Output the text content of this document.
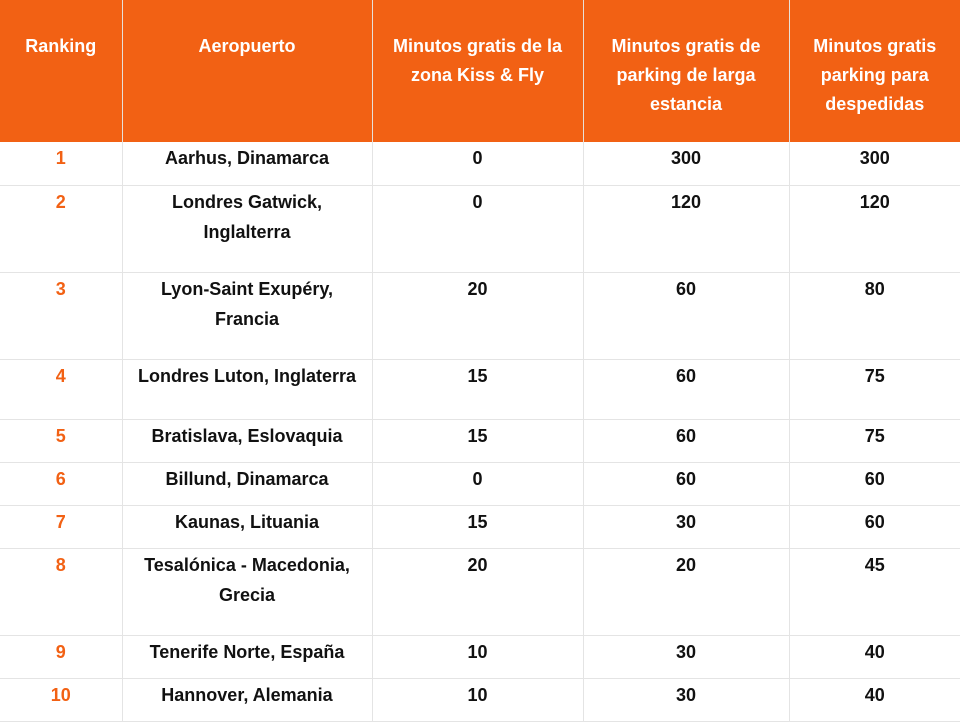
Ranking	Aeropuerto	Minutos gratis de la zona Kiss & Fly	Minutos gratis de parking de larga estancia	Minutos gratis parking para despedidas
1	Aarhus, Dinamarca	0	300	300
2	Londres Gatwick, Inglalterra	0	120	120
3	Lyon-Saint Exupéry, Francia	20	60	80
4	Londres Luton, Inglaterra	15	60	75
5	Bratislava, Eslovaquia	15	60	75
6	Billund, Dinamarca	0	60	60
7	Kaunas, Lituania	15	30	60
8	Tesalónica - Macedonia, Grecia	20	20	45
9	Tenerife Norte, España	10	30	40
10	Hannover, Alemania	10	30	40
